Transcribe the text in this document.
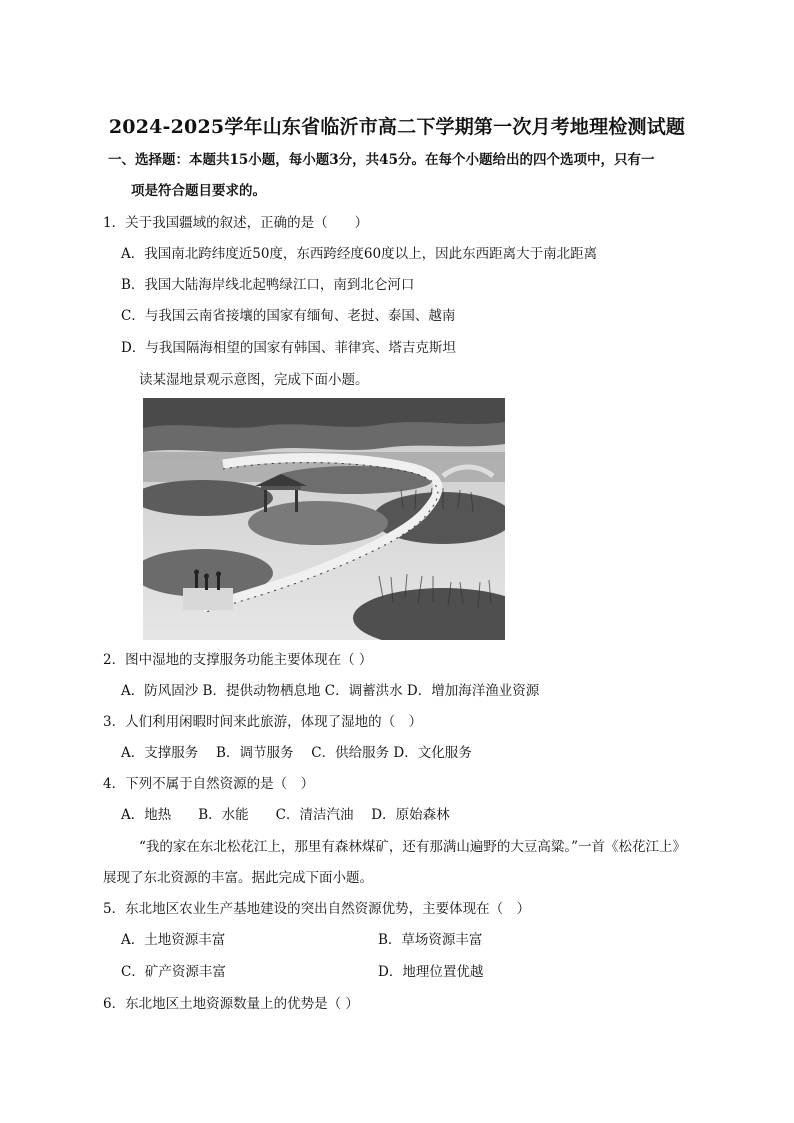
2024-2025学年山东省临沂市高二下学期第一次月考地理检测试题
一、选择题：本题共15小题，每小题3分，共45分。在每个小题给出的四个选项中，只有一
项是符合题目要求的。
1．关于我国疆域的叙述，正确的是（　　）
A．我国南北跨纬度近50度，东西跨经度60度以上，因此东西距离大于南北距离
B．我国大陆海岸线北起鸭绿江口，南到北仑河口
C．与我国云南省接壤的国家有缅甸、老挝、泰国、越南
D．与我国隔海相望的国家有韩国、菲律宾、塔吉克斯坦
读某湿地景观示意图，完成下面小题。
2．图中湿地的支撑服务功能主要体现在（ ）
A．防风固沙 B．提供动物栖息地 C．调蓄洪水 D．增加海洋渔业资源
3．人们利用闲暇时间来此旅游，体现了湿地的（　）
A．支撑服务　 B．调节服务　 C．供给服务 D．文化服务
4．下列不属于自然资源的是（　）
A．地热　　B．水能　　C．清洁汽油　 D．原始森林
“我的家在东北松花江上，那里有森林煤矿，还有那满山遍野的大豆高粱。”一首《松花江上》
展现了东北资源的丰富。据此完成下面小题。
5．东北地区农业生产基地建设的突出自然资源优势，主要体现在（　）
A．土地资源丰富	B．草场资源丰富
C．矿产资源丰富	D．地理位置优越
6．东北地区土地资源数量上的优势是（ ）
